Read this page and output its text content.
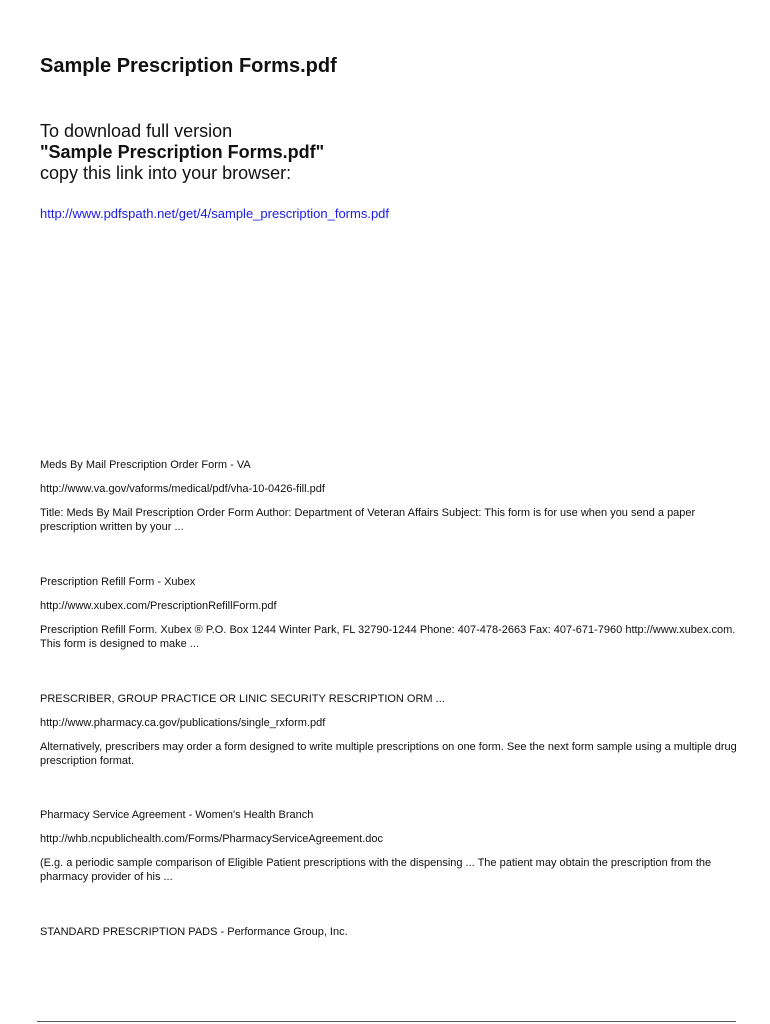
Sample Prescription Forms.pdf
To download full version
"Sample Prescription Forms.pdf"
copy this link into your browser:
http://www.pdfspath.net/get/4/sample_prescription_forms.pdf
Meds By Mail Prescription Order Form - VA
http://www.va.gov/vaforms/medical/pdf/vha-10-0426-fill.pdf
Title: Meds By Mail Prescription Order Form Author: Department of Veteran Affairs Subject: This form is for use when you send a paper prescription written by your ...
Prescription Refill Form - Xubex
http://www.xubex.com/PrescriptionRefillForm.pdf
Prescription Refill Form. Xubex ® P.O. Box 1244 Winter Park, FL 32790-1244 Phone: 407-478-2663 Fax: 407-671-7960 http://www.xubex.com. This form is designed to make ...
PRESCRIBER, GROUP PRACTICE OR LINIC SECURITY RESCRIPTION ORM ...
http://www.pharmacy.ca.gov/publications/single_rxform.pdf
Alternatively, prescribers may order a form designed to write multiple prescriptions on one form. See the next form sample using a multiple drug prescription format.
Pharmacy Service Agreement - Women's Health Branch
http://whb.ncpublichealth.com/Forms/PharmacyServiceAgreement.doc
(E.g. a periodic sample comparison of Eligible Patient prescriptions with the dispensing ... The patient may obtain the prescription from the pharmacy provider of his ...
STANDARD PRESCRIPTION PADS - Performance Group, Inc.
